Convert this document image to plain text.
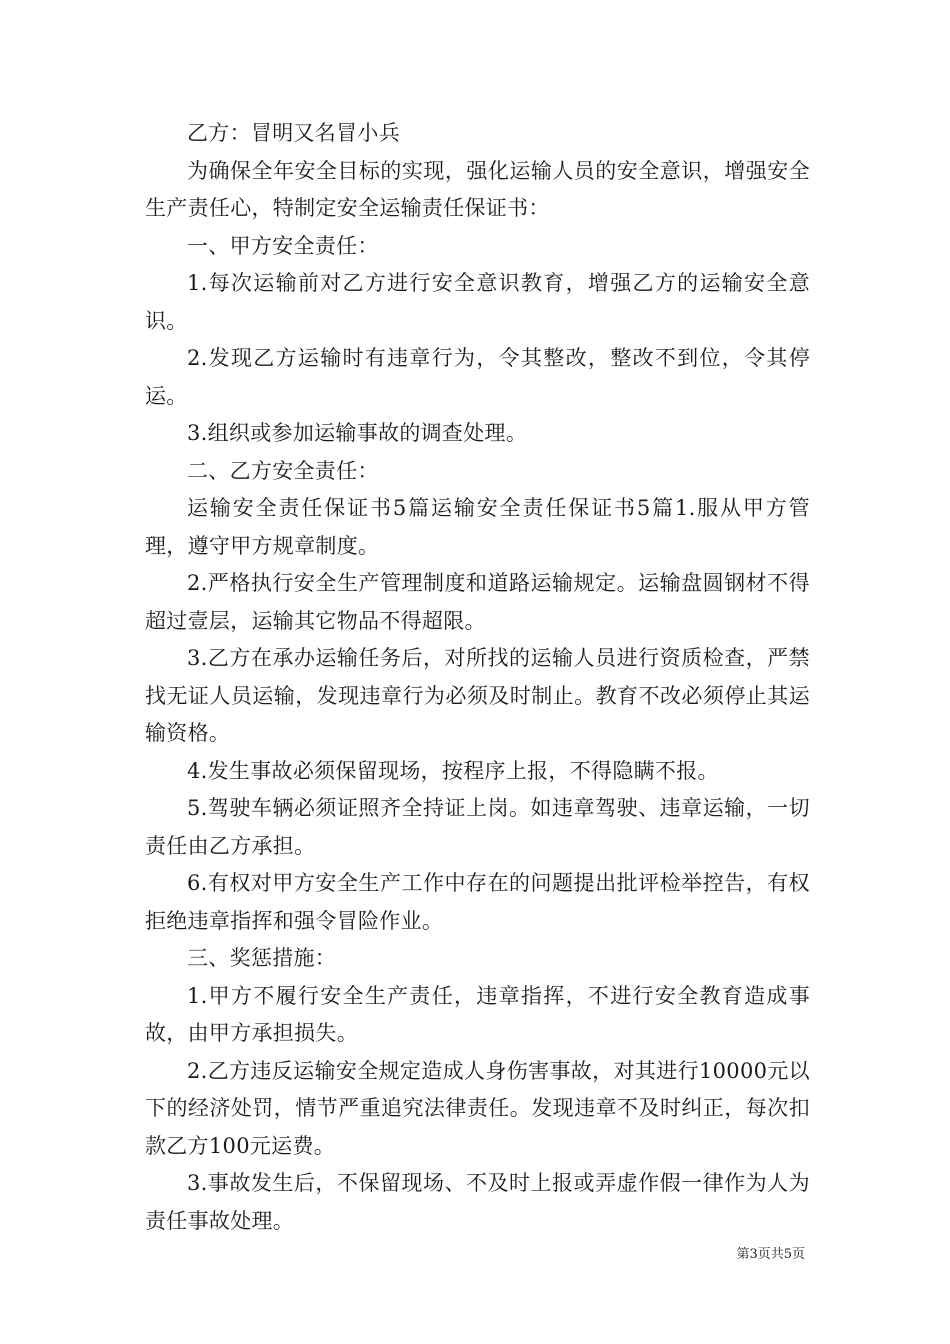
乙方：冒明又名冒小兵

为确保全年安全目标的实现，强化运输人员的安全意识，增强安全生产责任心，特制定安全运输责任保证书：

一、甲方安全责任：

1.每次运输前对乙方进行安全意识教育，增强乙方的运输安全意识。

2.发现乙方运输时有违章行为，令其整改，整改不到位，令其停运。

3.组织或参加运输事故的调查处理。

二、乙方安全责任：

运输安全责任保证书5篇运输安全责任保证书5篇1.服从甲方管理，遵守甲方规章制度。

2.严格执行安全生产管理制度和道路运输规定。运输盘圆钢材不得超过壹层，运输其它物品不得超限。

3.乙方在承办运输任务后，对所找的运输人员进行资质检查，严禁找无证人员运输，发现违章行为必须及时制止。教育不改必须停止其运输资格。

4.发生事故必须保留现场，按程序上报，不得隐瞒不报。

5.驾驶车辆必须证照齐全持证上岗。如违章驾驶、违章运输，一切责任由乙方承担。

6.有权对甲方安全生产工作中存在的问题提出批评检举控告，有权拒绝违章指挥和强令冒险作业。

三、奖惩措施：

1.甲方不履行安全生产责任，违章指挥，不进行安全教育造成事故，由甲方承担损失。

2.乙方违反运输安全规定造成人身伤害事故，对其进行10000元以下的经济处罚，情节严重追究法律责任。发现违章不及时纠正，每次扣款乙方100元运费。

3.事故发生后，不保留现场、不及时上报或弄虚作假一律作为人为责任事故处理。

第3页共5页
